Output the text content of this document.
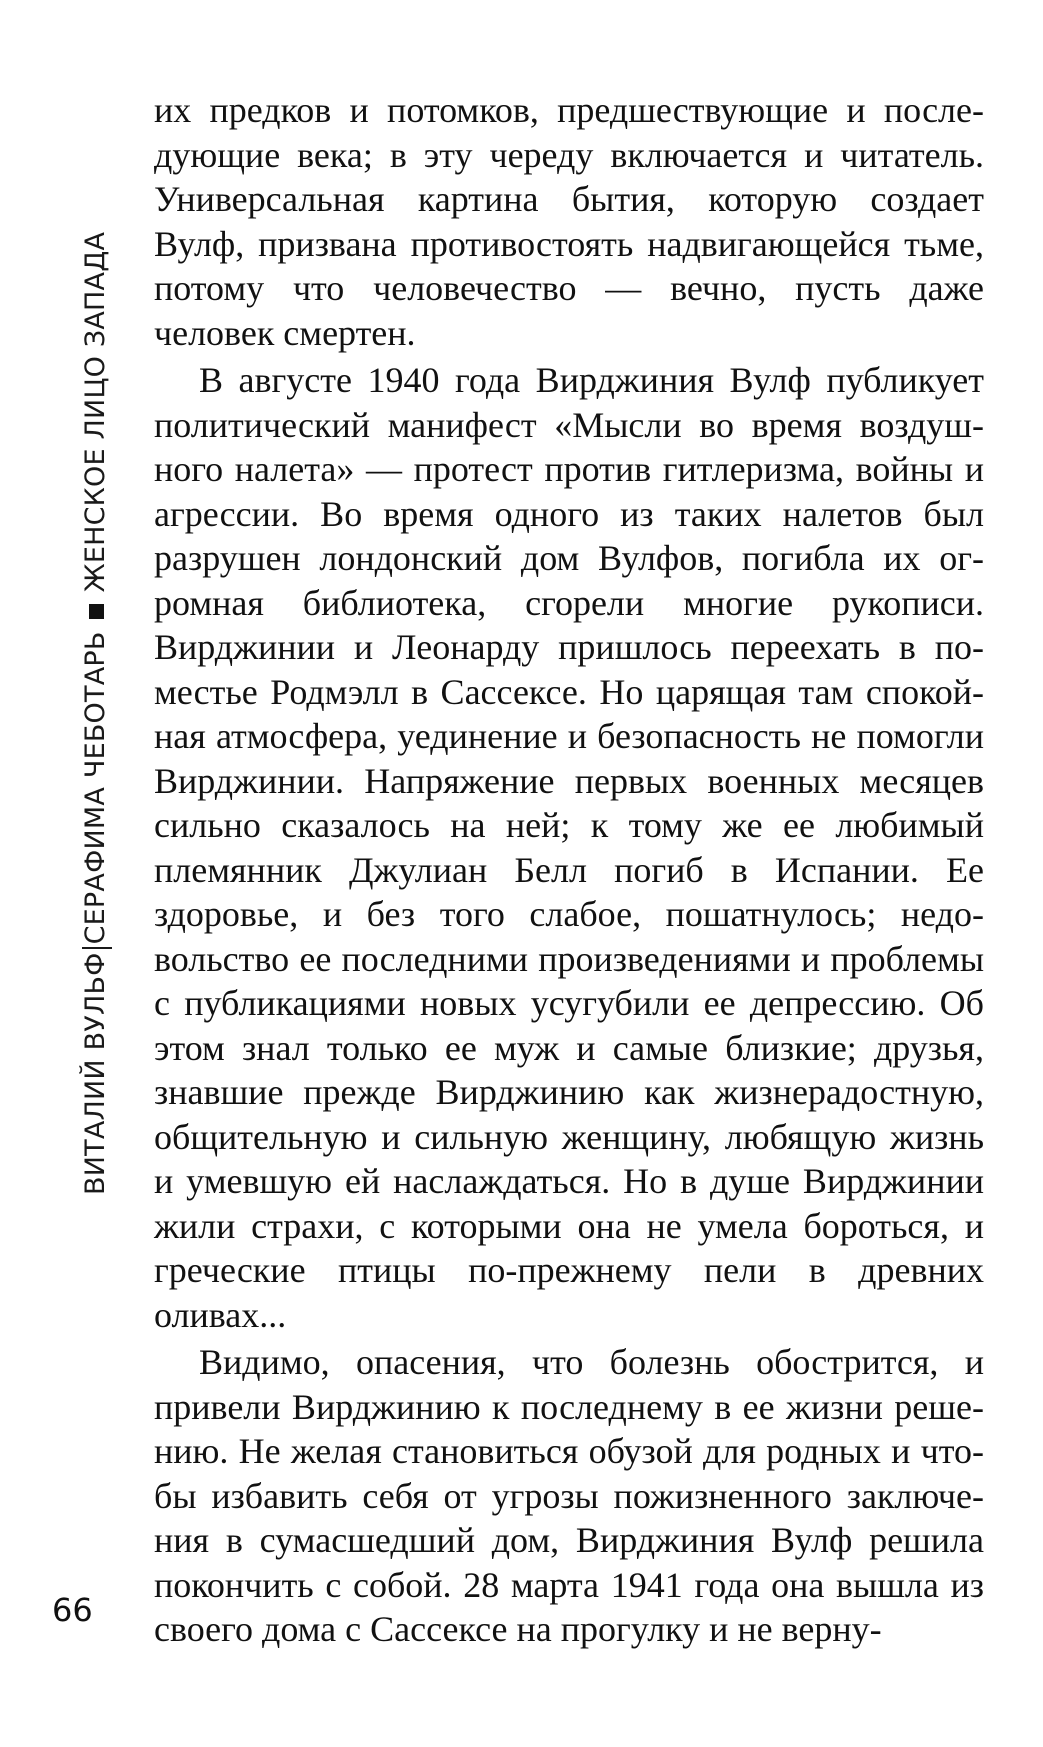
ВИТАЛИЙ ВУЛЬФСЕРАФИМА ЧЕБОТАРЬЖЕНСКОЕ ЛИЦО ЗАПАДА

их предков и потомков, предшествующие и последующие века; в эту череду включается и читатель. Универсальная картина бытия, которую создает Вулф, призвана противостоять надвигающейся тьме, потому что человечество — вечно, пусть даже человек смертен.

В августе 1940 года Вирджиния Вулф публикует политический манифест «Мысли во время воздушного налета» — протест против гитлеризма, войны и агрессии. Во время одного из таких налетов был разрушен лондонский дом Вулфов, погибла их огромная библиотека, сгорели многие рукописи. Вирджинии и Леонарду пришлось переехать в поместье Родмэлл в Сассексе. Но царящая там спокойная атмосфера, уединение и безопасность не помогли Вирджинии. Напряжение первых военных месяцев сильно сказалось на ней; к тому же ее любимый племянник Джулиан Белл погиб в Испании. Ее здоровье, и без того слабое, пошатнулось; недовольство ее последними произведениями и проблемы с публикациями новых усугубили ее депрессию. Об этом знал только ее муж и самые близкие; друзья, знавшие прежде Вирджинию как жизнерадостную, общительную и сильную женщину, любящую жизнь и умевшую ей наслаждаться. Но в душе Вирджинии жили страхи, с которыми она не умела бороться, и греческие птицы по-прежнему пели в древних оливах...

Видимо, опасения, что болезнь обострится, и привели Вирджинию к последнему в ее жизни решению. Не желая становиться обузой для родных и чтобы избавить себя от угрозы пожизненного заключения в сумасшедший дом, Вирджиния Вулф решила покончить с собой. 28 марта 1941 года она вышла из своего дома с Сассексе на прогулку и не верну-

66
